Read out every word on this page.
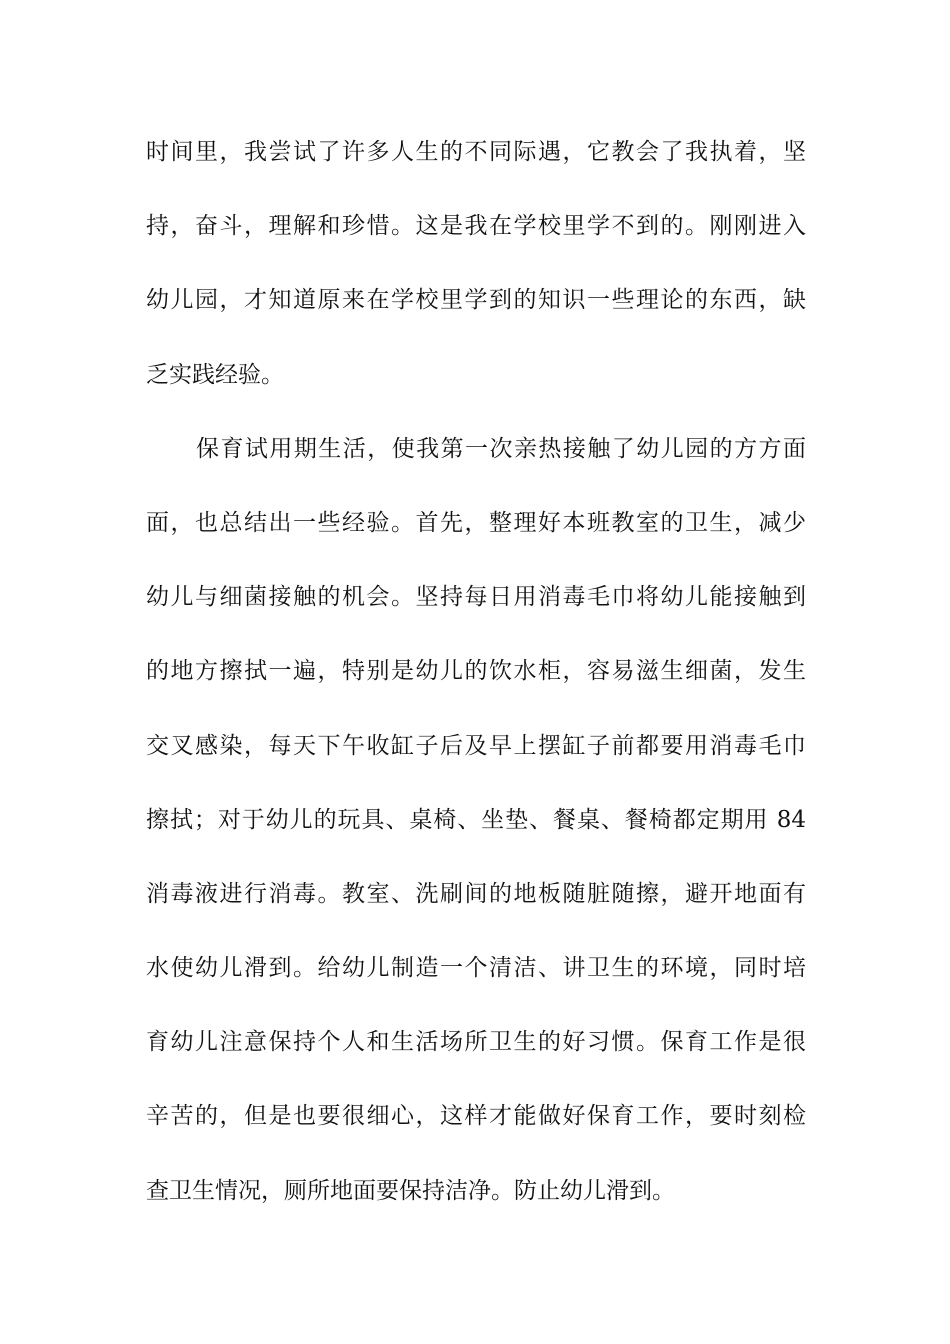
时间里，我尝试了许多人生的不同际遇，它教会了我执着，坚
持，奋斗，理解和珍惜。这是我在学校里学不到的。刚刚进入
幼儿园，才知道原来在学校里学到的知识一些理论的东西，缺
乏实践经验。
保育试用期生活，使我第一次亲热接触了幼儿园的方方面
面，也总结出一些经验。首先，整理好本班教室的卫生，减少
幼儿与细菌接触的机会。坚持每日用消毒毛巾将幼儿能接触到
的地方擦拭一遍，特别是幼儿的饮水柜，容易滋生细菌，发生
交叉感染，每天下午收缸子后及早上摆缸子前都要用消毒毛巾
擦拭；对于幼儿的玩具、桌椅、坐垫、餐桌、餐椅都定期用 84
消毒液进行消毒。教室、洗刷间的地板随脏随擦，避开地面有
水使幼儿滑到。给幼儿制造一个清洁、讲卫生的环境，同时培
育幼儿注意保持个人和生活场所卫生的好习惯。保育工作是很
辛苦的，但是也要很细心，这样才能做好保育工作，要时刻检
查卫生情况，厕所地面要保持洁净。防止幼儿滑到。
